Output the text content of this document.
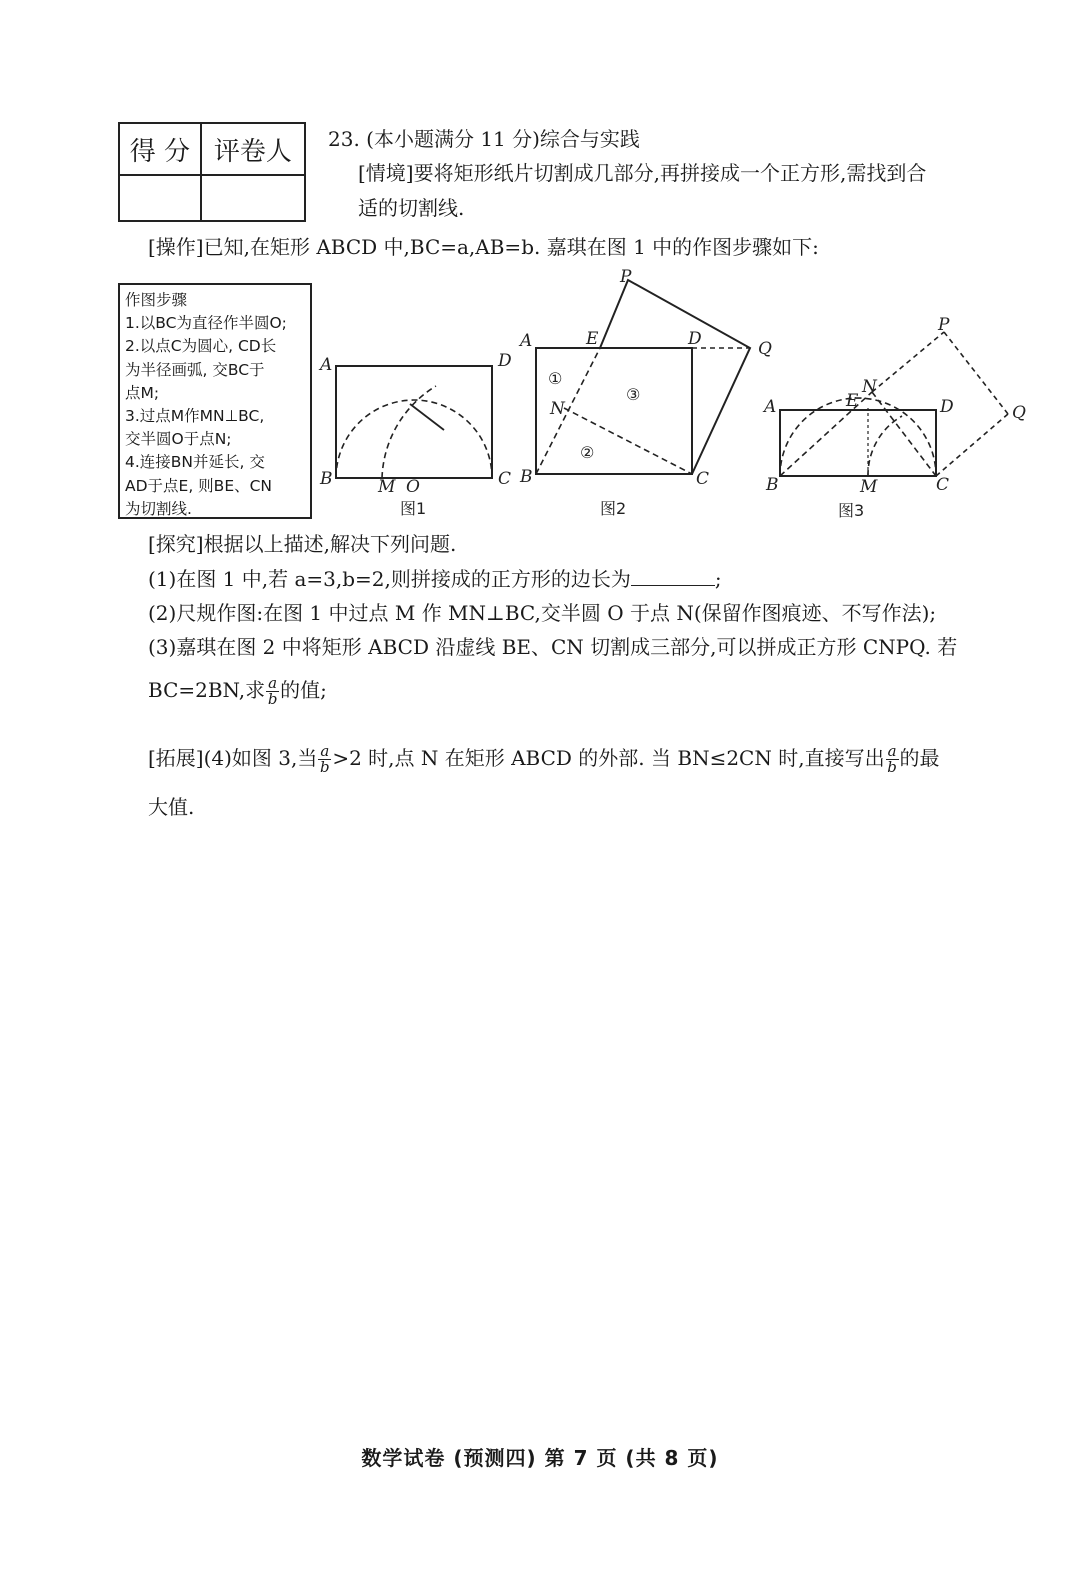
得 分	评卷人
	23. (本小题满分 11 分)综合与实践
[情境]要将矩形纸片切割成几部分,再拼接成一个正方形,需找到合
适的切割线.
[操作]已知,在矩形 ABCD 中,BC=a,AB=b. 嘉琪在图 1 中的作图步骤如下:
作图步骤
1.以BC为直径作半圆O;
2.以点C为圆心, CD长
为半径画弧, 交BC于
点M;
3.过点M作MN⊥BC,
交半圆O于点N;
4.连接BN并延长, 交
AD于点E, 则BE、CN
为切割线.
A	D
B	M O	C
图1
P
A	E	D	Q
N
B	C
①
②
③
图2
P
N
A	E	D	Q
B	M	C
图3
[探究]根据以上描述,解决下列问题.
(1)在图 1 中,若 a=3,b=2,则拼接成的正方形的边长为	;
(2)尺规作图:在图 1 中过点 M 作 MN⊥BC,交半圆 O 于点 N(保留作图痕迹、不写作法);
(3)嘉琪在图 2 中将矩形 ABCD 沿虚线 BE、CN 切割成三部分,可以拼成正方形 CNPQ. 若
BC=2BN,求 $\frac{a}{b}$ 的值;
[拓展](4)如图 3,当 $\frac{a}{b} >2$ 时,点 N 在矩形 ABCD 的外部. 当 BN≤2CN 时,直接写出 $\frac{a}{b}$ 的最
大值.
数学试卷 (预测四) 第 7 页 (共 8 页)
